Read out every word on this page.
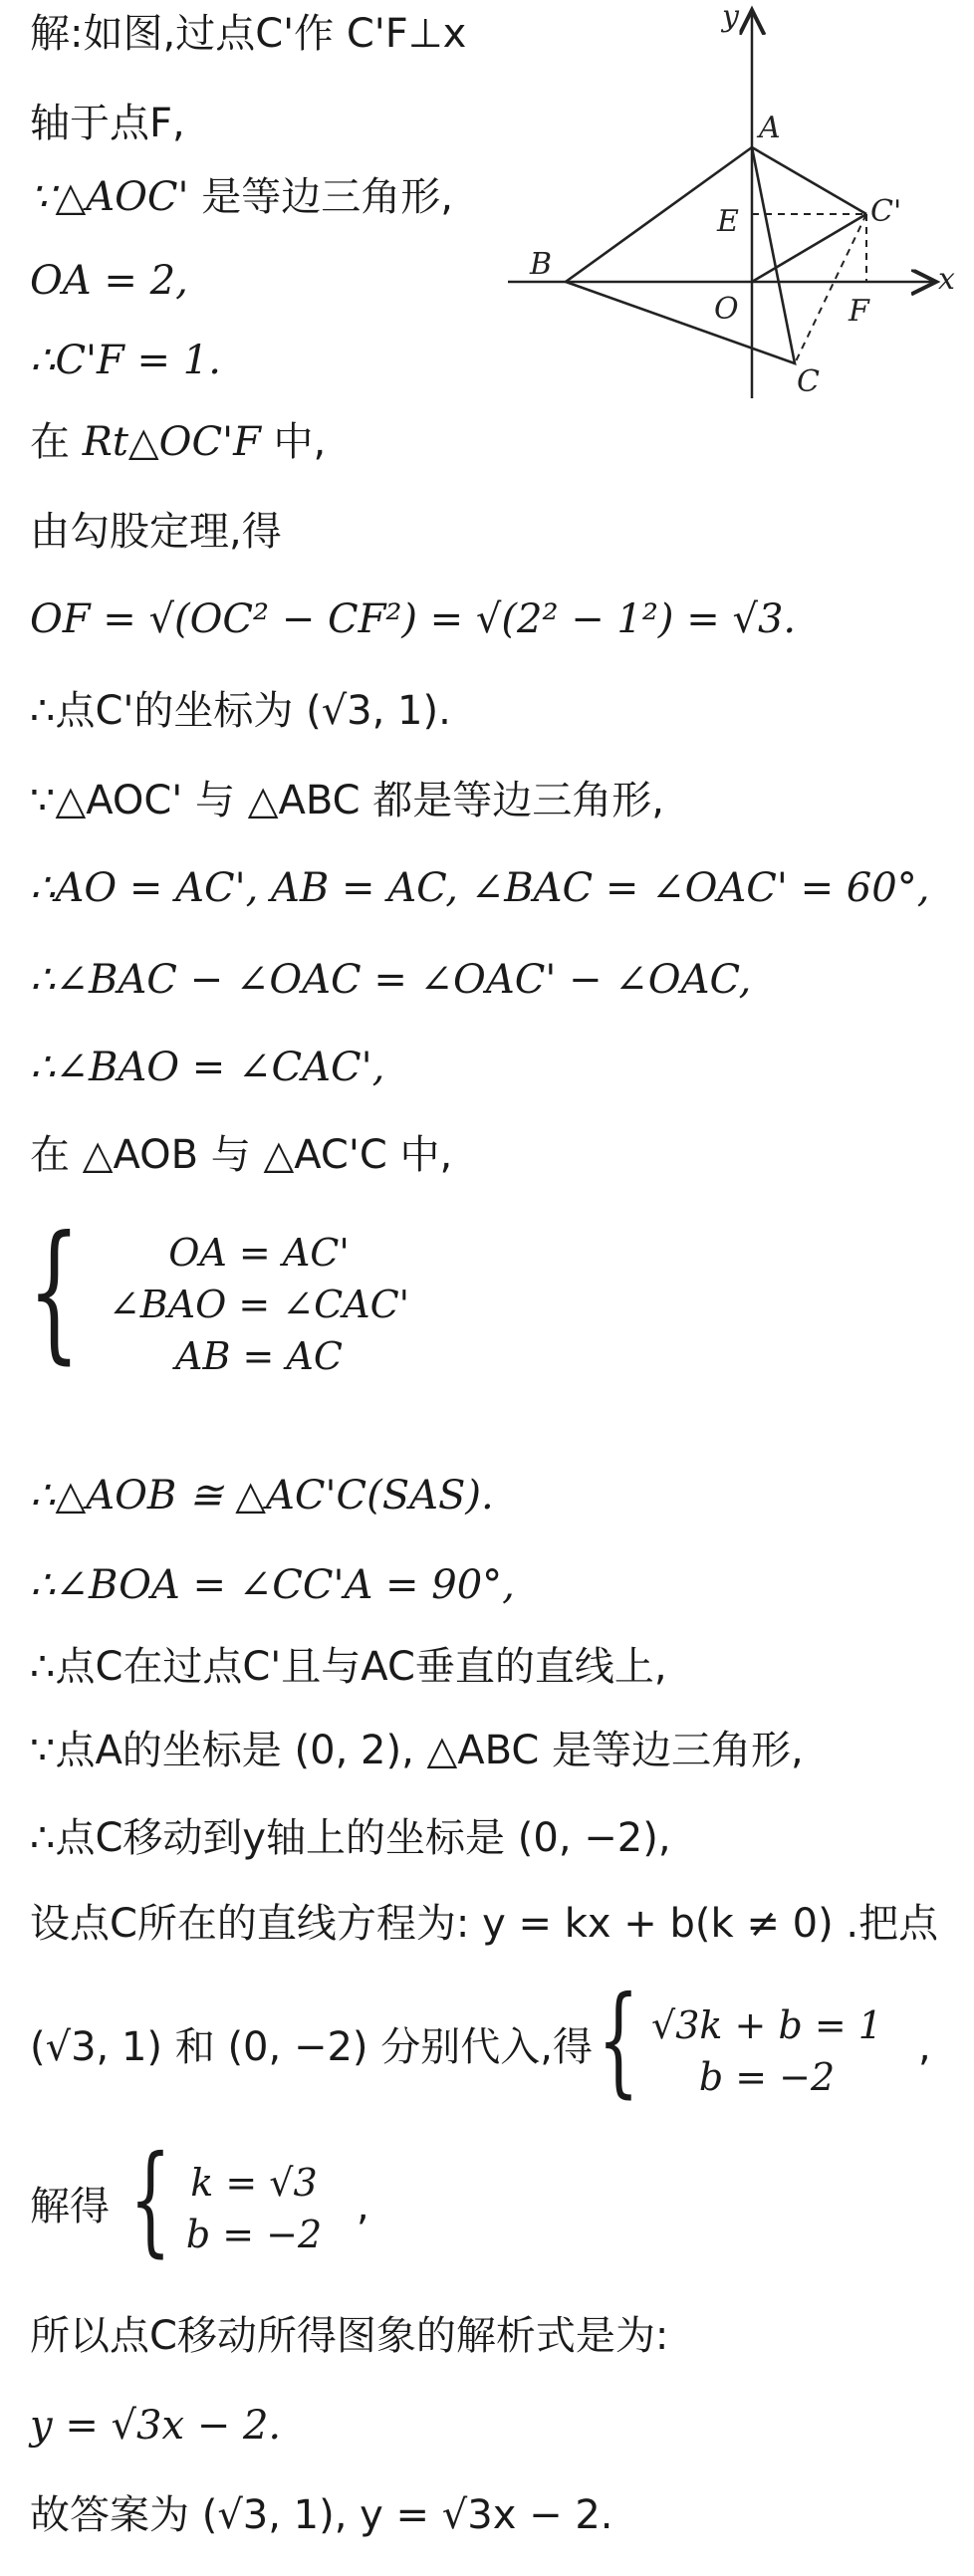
y
x
A
B
C
C'
E
O	F
解:如图,过点C'作 C'F⊥x
轴于点F,
∵△AOC' 是等边三角形,
OA = 2,
∴C'F = 1.
在 Rt△OC'F 中,
由勾股定理,得
OF = √(OC² − CF²) = √(2² − 1²) = √3.
∴点C'的坐标为 (√3, 1).
∵△AOC' 与 △ABC 都是等边三角形,
∴AO = AC', AB = AC, ∠BAC = ∠OAC' = 60°,
∴∠BAC − ∠OAC = ∠OAC' − ∠OAC,
∴∠BAO = ∠CAC',
在 △AOB 与 △AC'C 中,
{	OA = AC'
∠BAO = ∠CAC'
AB = AC
∴△AOB ≅ △AC'C(SAS).
∴∠BOA = ∠CC'A = 90°,
∴点C在过点C'且与AC垂直的直线上,
∵点A的坐标是 (0, 2), △ABC 是等边三角形,
∴点C移动到y轴上的坐标是 (0, −2),
设点C所在的直线方程为: y = kx + b(k ≠ 0) .把点
(√3, 1) 和 (0, −2) 分别代入,得 { √3k + b = 1
b = −2
,
解得 { k = √3
b = −2
,
所以点C移动所得图象的解析式是为:
y = √3x − 2.
故答案为 (√3, 1), y = √3x − 2.
